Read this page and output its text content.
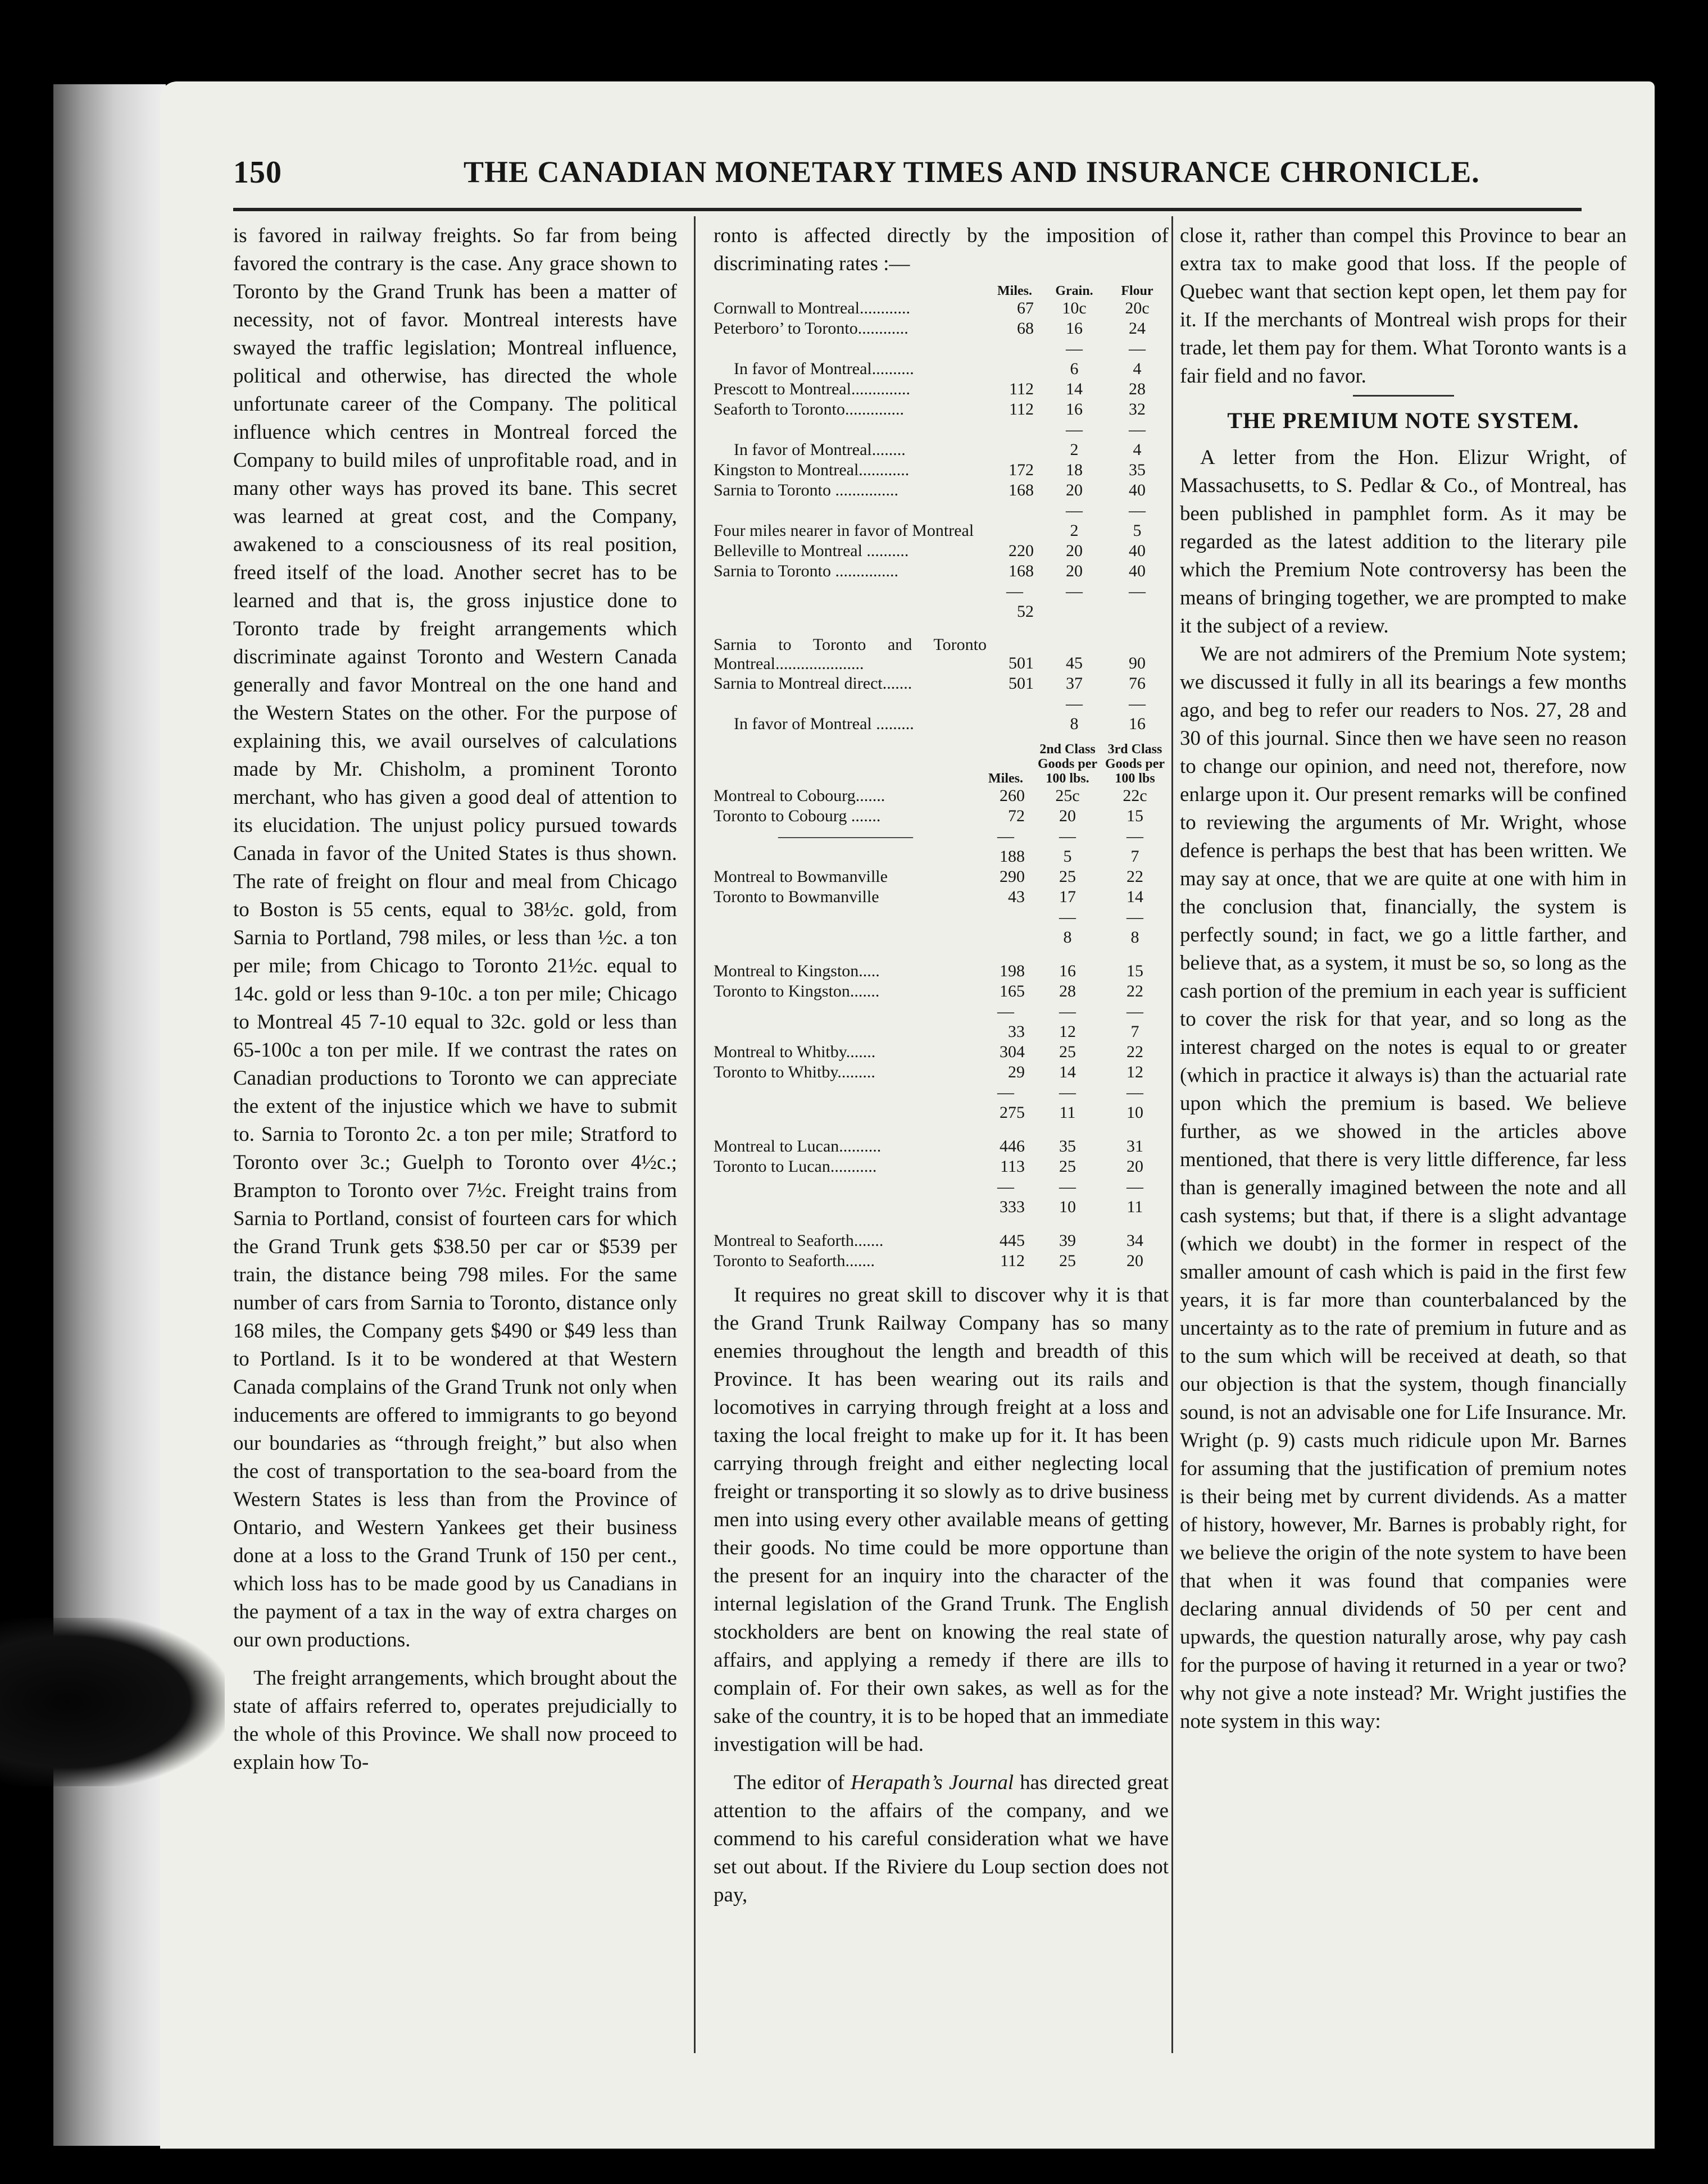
150	THE CANADIAN MONETARY TIMES AND INSURANCE CHRONICLE.

is favored in railway freights. So far from being favored the contrary is the case. Any grace shown to Toronto by the Grand Trunk has been a matter of necessity, not of favor. Montreal interests have swayed the traffic legislation; Montreal influence, political and otherwise, has directed the whole unfortunate career of the Company. The political influence which centres in Montreal forced the Company to build miles of unprofitable road, and in many other ways has proved its bane. This secret was learned at great cost, and the Company, awakened to a consciousness of its real position, freed itself of the load. Another secret has to be learned and that is, the gross injustice done to Toronto trade by freight arrangements which discriminate against Toronto and Western Canada generally and favor Montreal on the one hand and the Western States on the other. For the purpose of explaining this, we avail ourselves of calculations made by Mr. Chisholm, a prominent Toronto merchant, who has given a good deal of attention to its elucidation. The unjust policy pursued towards Canada in favor of the United States is thus shown. The rate of freight on flour and meal from Chicago to Boston is 55 cents, equal to 38½c. gold, from Sarnia to Portland, 798 miles, or less than ½c. a ton per mile; from Chicago to Toronto 21½c. equal to 14c. gold or less than 9-10c. a ton per mile; Chicago to Montreal 45 7-10 equal to 32c. gold or less than 65-100c a ton per mile. If we contrast the rates on Canadian productions to Toronto we can appreciate the extent of the injustice which we have to submit to. Sarnia to Toronto 2c. a ton per mile; Stratford to Toronto over 3c.; Guelph to Toronto over 4½c.; Brampton to Toronto over 7½c. Freight trains from Sarnia to Portland, consist of fourteen cars for which the Grand Trunk gets $38.50 per car or $539 per train, the distance being 798 miles. For the same number of cars from Sarnia to Toronto, distance only 168 miles, the Company gets $490 or $49 less than to Portland. Is it to be wondered at that Western Canada complains of the Grand Trunk not only when inducements are offered to immigrants to go beyond our boundaries as “through freight,” but also when the cost of transportation to the sea-board from the Western States is less than from the Province of Ontario, and Western Yankees get their business done at a loss to the Grand Trunk of 150 per cent., which loss has to be made good by us Canadians in the payment of a tax in the way of extra charges on our own productions.

The freight arrangements, which brought about the state of affairs referred to, operates prejudicially to the whole of this Province. We shall now proceed to explain how To-

ronto is affected directly by the imposition of discriminating rates :—

	Miles.	Grain.	Flour
Cornwall to Montreal............	67	10c	20c
Peterboro’ to Toronto............	68	16	24
		—	—
In favor of Montreal..........		6	4
Prescott to Montreal..............	112	14	28
Seaforth to Toronto..............	112	16	32
		—	—
In favor of Montreal........		2	4
Kingston to Montreal............	172	18	35
Sarnia to Toronto ...............	168	20	40
		—	—
Four miles nearer in favor of Montreal		2	5
Belleville to Montreal ..........	220	20	40
Sarnia to Toronto ...............	168	20	40
	—	—	—
	52		

Sarnia to Toronto and Toronto Montreal.....................	501	45	90
Sarnia to Montreal direct.......	501	37	76
		—	—
In favor of Montreal .........		8	16
	Miles.	2nd Class Goods per 100 lbs.	3rd Class Goods per 100 lbs
Montreal to Cobourg.......	260	25c	22c
Toronto to Cobourg .......	72	20	15
————————	—	—	—
	188	5	7
Montreal to Bowmanville	290	25	22
Toronto to Bowmanville	43	17	14
		—	—
		8	8

Montreal to Kingston.....	198	16	15
Toronto to Kingston.......	165	28	22
	—	—	—
	33	12	7
Montreal to Whitby.......	304	25	22
Toronto to Whitby.........	29	14	12
	—	—	—
	275	11	10

Montreal to Lucan..........	446	35	31
Toronto to Lucan...........	113	25	20
	—	—	—
	333	10	11

Montreal to Seaforth.......	445	39	34
Toronto to Seaforth.......	112	25	20

It requires no great skill to discover why it is that the Grand Trunk Railway Company has so many enemies throughout the length and breadth of this Province. It has been wearing out its rails and locomotives in carrying through freight at a loss and taxing the local freight to make up for it. It has been carrying through freight and either neglecting local freight or transporting it so slowly as to drive business men into using every other available means of getting their goods. No time could be more opportune than the present for an inquiry into the character of the internal legislation of the Grand Trunk. The English stockholders are bent on knowing the real state of affairs, and applying a remedy if there are ills to complain of. For their own sakes, as well as for the sake of the country, it is to be hoped that an immediate investigation will be had.

The editor of Herapath’s Journal has directed great attention to the affairs of the company, and we commend to his careful consideration what we have set out about. If the Riviere du Loup section does not pay,

close it, rather than compel this Province to bear an extra tax to make good that loss. If the people of Quebec want that section kept open, let them pay for it. If the merchants of Montreal wish props for their trade, let them pay for them. What Toronto wants is a fair field and no favor.

THE PREMIUM NOTE SYSTEM.

A letter from the Hon. Elizur Wright, of Massachusetts, to S. Pedlar & Co., of Montreal, has been published in pamphlet form. As it may be regarded as the latest addition to the literary pile which the Premium Note controversy has been the means of bringing together, we are prompted to make it the subject of a review.

We are not admirers of the Premium Note system; we discussed it fully in all its bearings a few months ago, and beg to refer our readers to Nos. 27, 28 and 30 of this journal. Since then we have seen no reason to change our opinion, and need not, therefore, now enlarge upon it. Our present remarks will be confined to reviewing the arguments of Mr. Wright, whose defence is perhaps the best that has been written. We may say at once, that we are quite at one with him in the conclusion that, financially, the system is perfectly sound; in fact, we go a little farther, and believe that, as a system, it must be so, so long as the cash portion of the premium in each year is sufficient to cover the risk for that year, and so long as the interest charged on the notes is equal to or greater (which in practice it always is) than the actuarial rate upon which the premium is based. We believe further, as we showed in the articles above mentioned, that there is very little difference, far less than is generally imagined between the note and all cash systems; but that, if there is a slight advantage (which we doubt) in the former in respect of the smaller amount of cash which is paid in the first few years, it is far more than counterbalanced by the uncertainty as to the rate of premium in future and as to the sum which will be received at death, so that our objection is that the system, though financially sound, is not an advisable one for Life Insurance. Mr. Wright (p. 9) casts much ridicule upon Mr. Barnes for assuming that the justification of premium notes is their being met by current dividends. As a matter of history, however, Mr. Barnes is probably right, for we believe the origin of the note system to have been that when it was found that companies were declaring annual dividends of 50 per cent and upwards, the question naturally arose, why pay cash for the purpose of having it returned in a year or two? why not give a note instead? Mr. Wright justifies the note system in this way:
